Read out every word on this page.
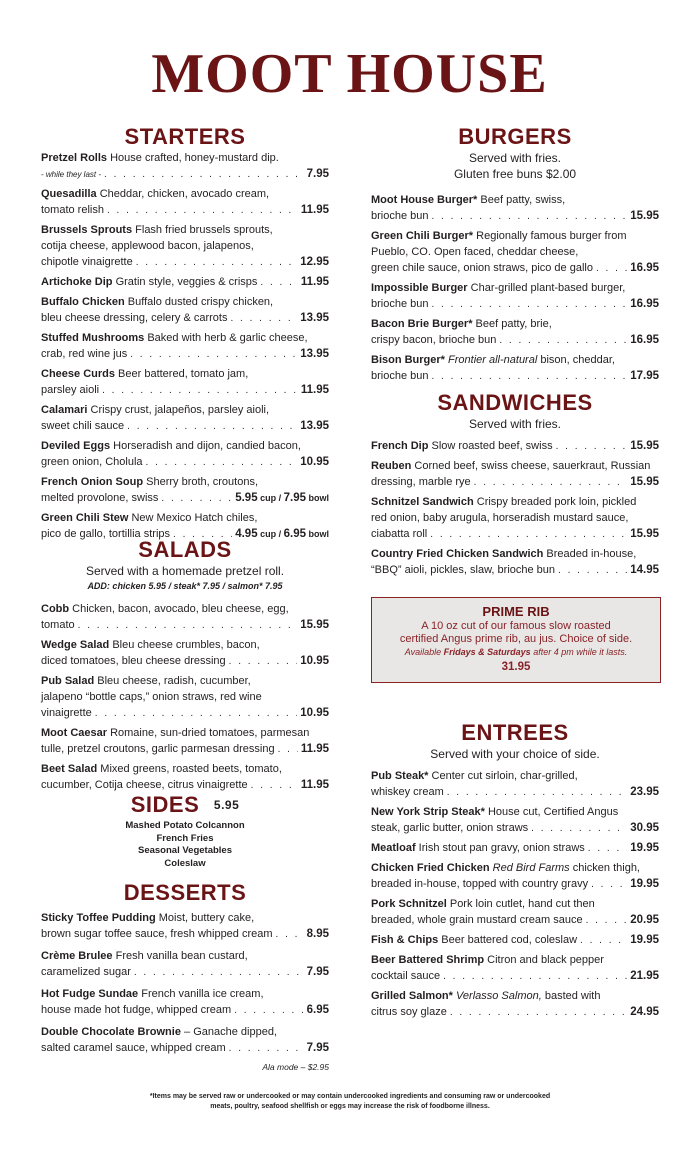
MOOT HOUSE
STARTERS
Pretzel Rolls House crafted, honey-mustard dip.
- while they last - . . .	7.95
Quesadilla Cheddar, chicken, avocado cream,
tomato relish . . .	11.95
Brussels Sprouts Flash fried brussels sprouts,
cotija cheese, applewood bacon, jalapenos,
chipotle vinaigrette . . .	12.95
Artichoke Dip Gratin style, veggies & crisps . . .	11.95
Buffalo Chicken Buffalo dusted crispy chicken,
bleu cheese dressing, celery & carrots . . .	13.95
Stuffed Mushrooms Baked with herb & garlic cheese,
crab, red wine jus . . .	13.95
Cheese Curds Beer battered, tomato jam,
parsley aioli . . .	11.95
Calamari Crispy crust, jalapeños, parsley aioli,
sweet chili sauce . . .	13.95
Deviled Eggs Horseradish and dijon, candied bacon,
green onion, Cholula . . .	10.95
French Onion Soup Sherry broth, croutons,
melted provolone, swiss . . .	5.95 cup / 7.95 bowl
Green Chili Stew New Mexico Hatch chiles,
pico de gallo, tortillia strips . . .	4.95 cup / 6.95 bowl
SALADS
Served with a homemade pretzel roll.
ADD: chicken 5.95 / steak* 7.95 / salmon* 7.95
Cobb Chicken, bacon, avocado, bleu cheese, egg,
tomato . . .	15.95
Wedge Salad Bleu cheese crumbles, bacon,
diced tomatoes, bleu cheese dressing . . .	10.95
Pub Salad Bleu cheese, radish, cucumber,
jalapeno “bottle caps,” onion straws, red wine
vinaigrette . . .	10.95
Moot Caesar Romaine, sun-dried tomatoes, parmesan
tulle, pretzel croutons, garlic parmesan dressing . . . 11.95
Beet Salad Mixed greens, roasted beets, tomato,
cucumber, Cotija cheese, citrus vinaigrette . . .	11.95
SIDES 5.95
Mashed Potato Colcannon
French Fries
Seasonal Vegetables
Coleslaw
DESSERTS
Sticky Toffee Pudding Moist, buttery cake,
brown sugar toffee sauce, fresh whipped cream . . .	8.95
Crème Brulee Fresh vanilla bean custard,
caramelized sugar . . .	7.95
Hot Fudge Sundae French vanilla ice cream,
house made hot fudge, whipped cream . . .	6.95
Double Chocolate Brownie – Ganache dipped,
salted caramel sauce, whipped cream . . .	7.95
Ala mode – $2.95
BURGERS
Served with fries.
Gluten free buns $2.00
Moot House Burger* Beef patty, swiss,
brioche bun . . .	15.95
Green Chili Burger* Regionally famous burger from
Pueblo, CO. Open faced, cheddar cheese,
green chile sauce, onion straws, pico de gallo . . .	16.95
Impossible Burger Char-grilled plant-based burger,
brioche bun . . .	16.95
Bacon Brie Burger* Beef patty, brie,
crispy bacon, brioche bun . . .	16.95
Bison Burger* Frontier all-natural bison, cheddar,
brioche bun . . .	17.95
SANDWICHES
Served with fries.
French Dip Slow roasted beef, swiss . . .	15.95
Reuben Corned beef, swiss cheese, sauerkraut, Russian
dressing, marble rye . . .	15.95
Schnitzel Sandwich Crispy breaded pork loin, pickled
red onion, baby arugula, horseradish mustard sauce,
ciabatta roll . . .	15.95
Country Fried Chicken Sandwich Breaded in-house,
“BBQ” aioli, pickles, slaw, brioche bun . . .	14.95
PRIME RIB
A 10 oz cut of our famous slow roasted
certified Angus prime rib, au jus. Choice of side.
Available Fridays & Saturdays after 4 pm while it lasts.
31.95
ENTREES
Served with your choice of side.
Pub Steak* Center cut sirloin, char-grilled,
whiskey cream . . .	23.95
New York Strip Steak* House cut, Certified Angus
steak, garlic butter, onion straws . . .	30.95
Meatloaf Irish stout pan gravy, onion straws . . .	19.95
Chicken Fried Chicken Red Bird Farms chicken thigh,
breaded in-house, topped with country gravy . . .	19.95
Pork Schnitzel Pork loin cutlet, hand cut then
breaded, whole grain mustard cream sauce . . .	20.95
Fish & Chips Beer battered cod, coleslaw . . .	19.95
Beer Battered Shrimp Citron and black pepper
cocktail sauce . . .	21.95
Grilled Salmon* Verlasso Salmon, basted with
citrus soy glaze . . .	24.95
*Items may be served raw or undercooked or may contain undercooked ingredients and consuming raw or undercooked
meats, poultry, seafood shellfish or eggs may increase the risk of foodborne illness.
